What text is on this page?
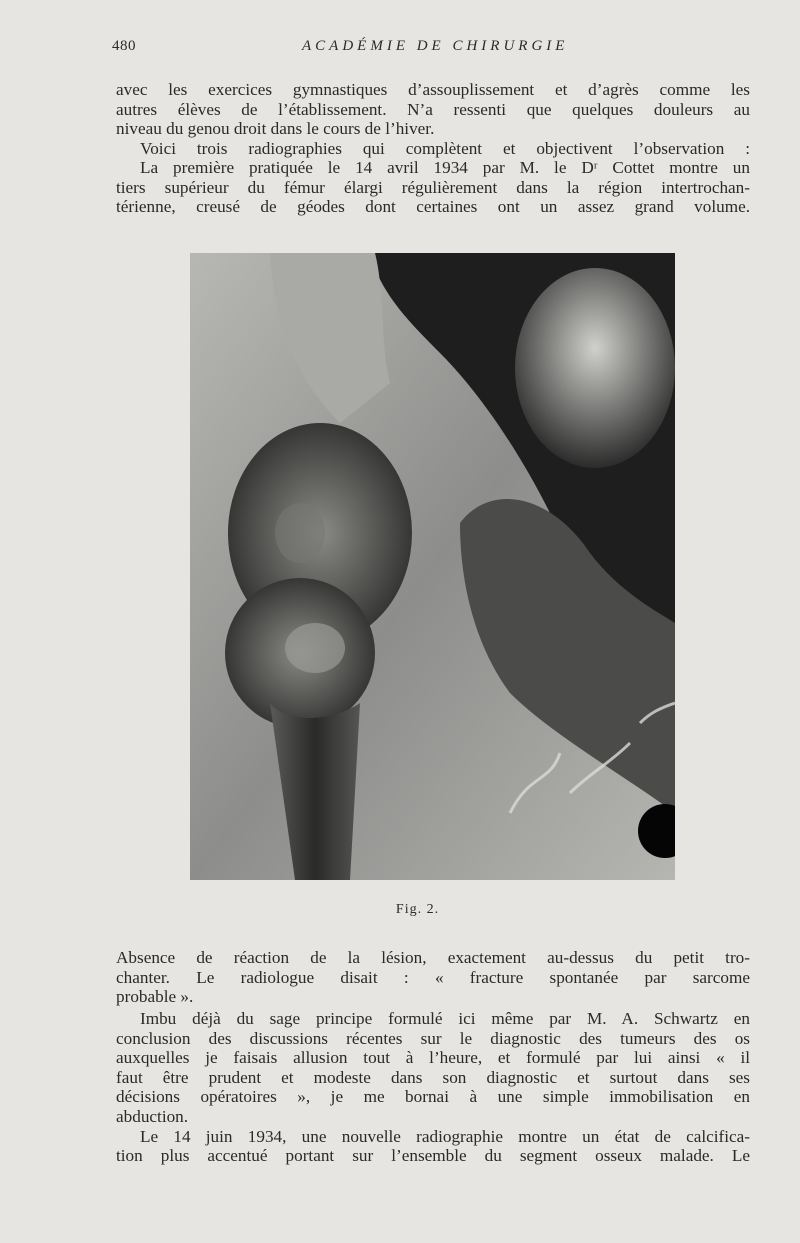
480	ACADÉMIE DE CHIRURGIE
avec les exercices gymnastiques d’assouplissement et d’agrès comme les
autres élèves de l’établissement. N’a ressenti que quelques douleurs au
niveau du genou droit dans le cours de l’hiver.
Voici trois radiographies qui complètent et objectivent l’observation :
La première pratiquée le 14 avril 1934 par M. le Dʳ Cottet montre un
tiers supérieur du fémur élargi régulièrement dans la région intertrochan-
térienne, creusé de géodes dont certaines ont un assez grand volume.
Fig. 2.
Absence de réaction de la lésion, exactement au-dessus du petit tro-
chanter. Le radiologue disait : « fracture spontanée par sarcome
probable ».
Imbu déjà du sage principe formulé ici même par M. A. Schwartz en
conclusion des discussions récentes sur le diagnostic des tumeurs des os
auxquelles je faisais allusion tout à l’heure, et formulé par lui ainsi « il
faut être prudent et modeste dans son diagnostic et surtout dans ses
décisions opératoires », je me bornai à une simple immobilisation en
abduction.
Le 14 juin 1934, une nouvelle radiographie montre un état de calcifica-
tion plus accentué portant sur l’ensemble du segment osseux malade. Le
